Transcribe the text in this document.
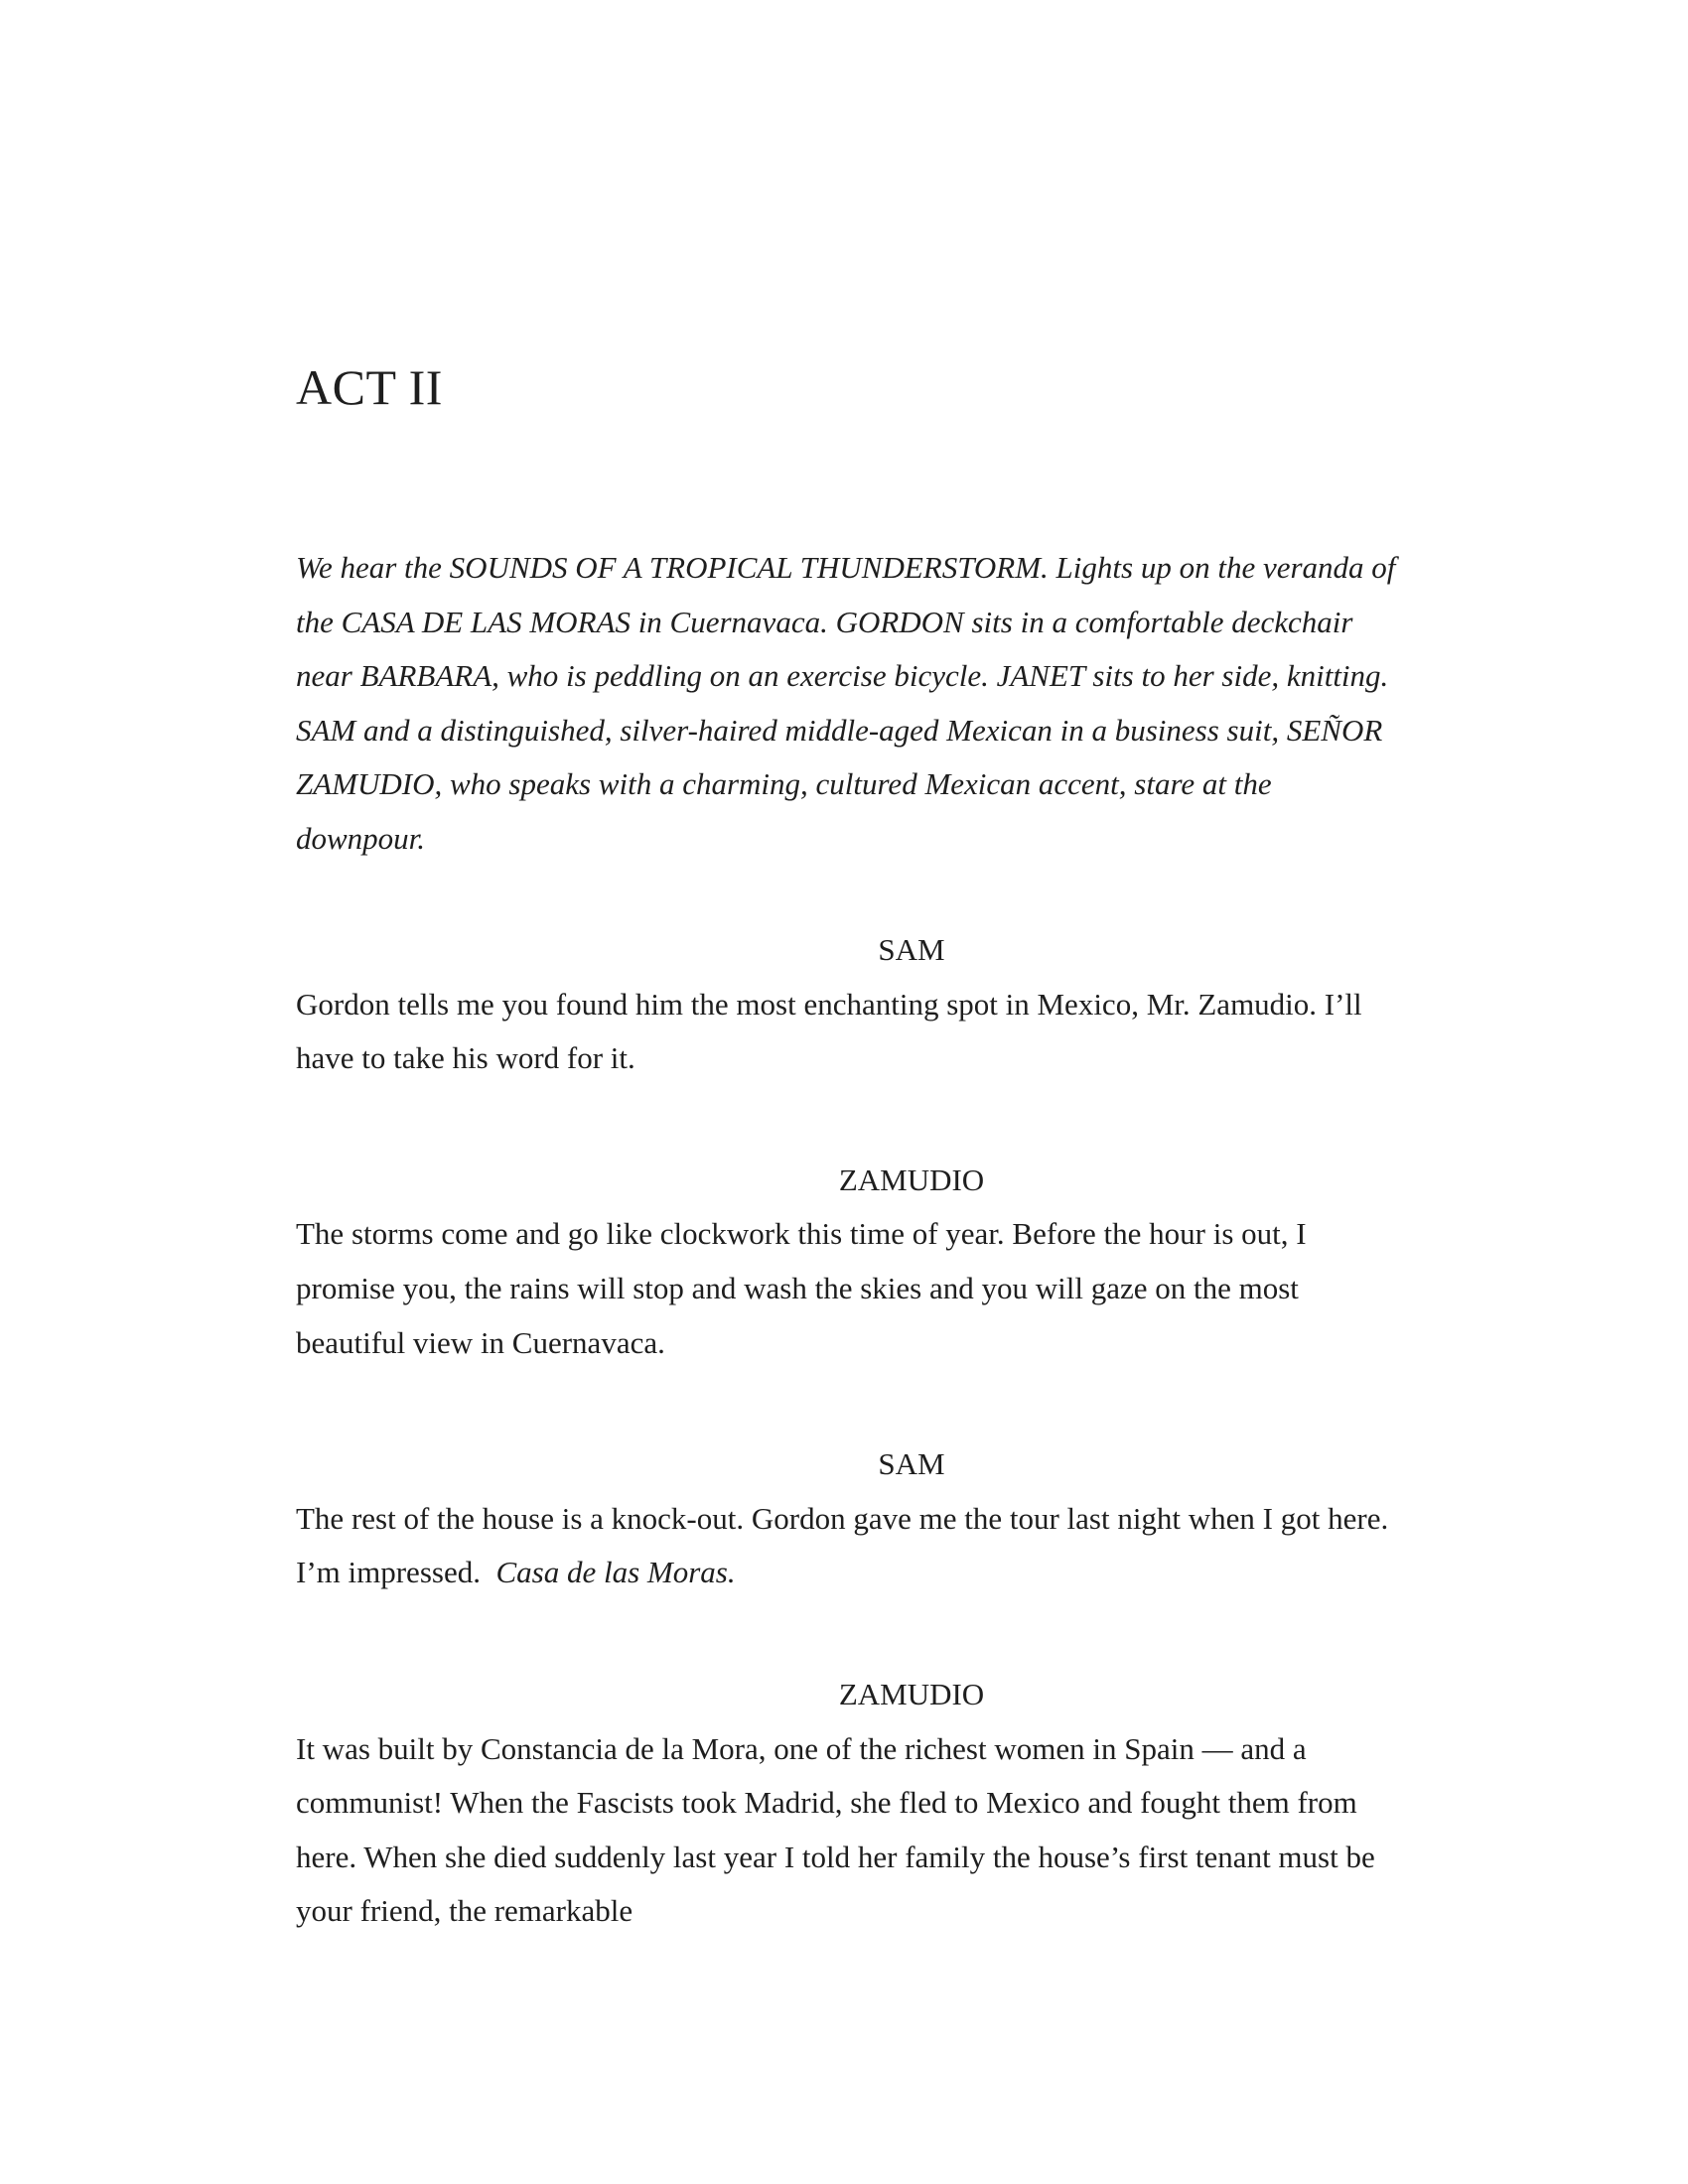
ACT II

We hear the SOUNDS OF A TROPICAL THUNDERSTORM. Lights up on the veranda of the CASA DE LAS MORAS in Cuernavaca. GORDON sits in a comfortable deckchair near BARBARA, who is peddling on an exercise bicycle. JANET sits to her side, knitting. SAM and a distinguished, silver-haired middle-aged Mexican in a business suit, SEÑOR ZAMUDIO, who speaks with a charming, cultured Mexican accent, stare at the downpour.

SAM

Gordon tells me you found him the most enchanting spot in Mexico, Mr. Zamudio. I’ll have to take his word for it.

ZAMUDIO

The storms come and go like clockwork this time of year. Before the hour is out, I promise you, the rains will stop and wash the skies and you will gaze on the most beautiful view in Cuernavaca.

SAM

The rest of the house is a knock-out. Gordon gave me the tour last night when I got here. I’m impressed. Casa de las Moras.

ZAMUDIO

It was built by Constancia de la Mora, one of the richest women in Spain — and a communist! When the Fascists took Madrid, she fled to Mexico and fought them from here. When she died suddenly last year I told her family the house’s first tenant must be your friend, the remarkable
